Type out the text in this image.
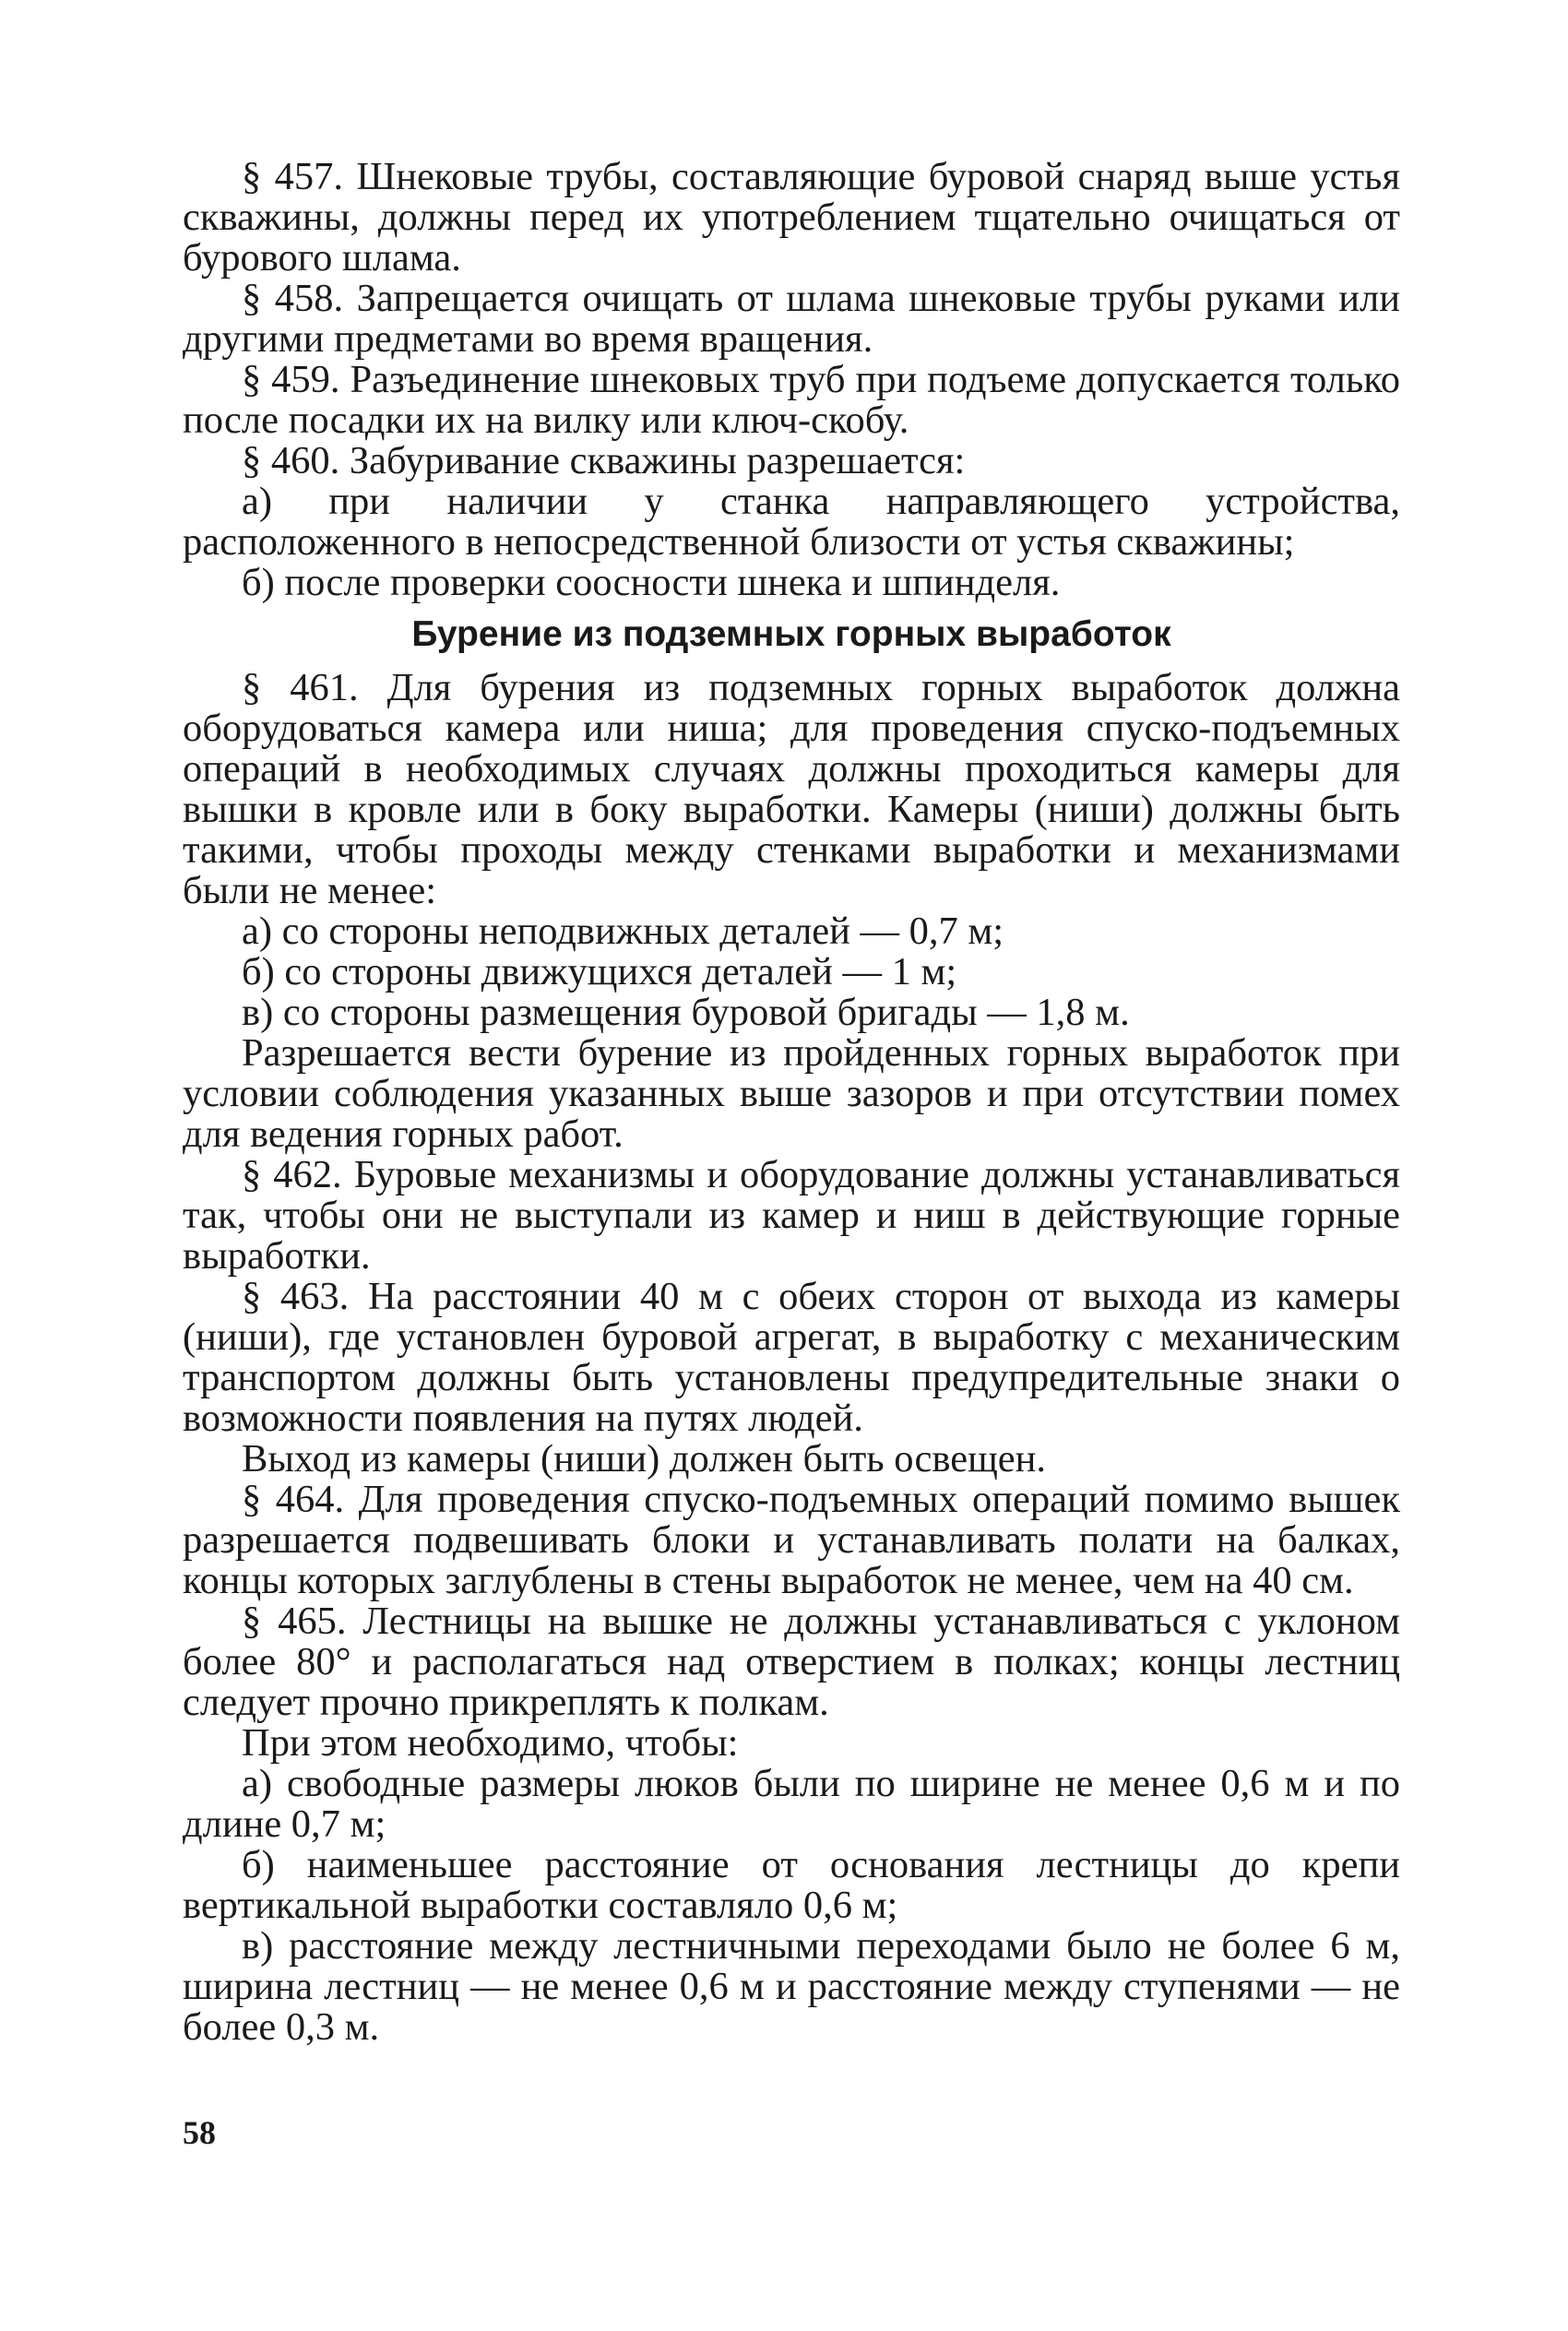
§ 457. Шнековые трубы, составляющие буровой снаряд выше устья скважины, должны перед их употреблением тщательно очищаться от бурового шлама.

§ 458. Запрещается очищать от шлама шнековые трубы руками или другими предметами во время вращения.

§ 459. Разъединение шнековых труб при подъеме допускается только после посадки их на вилку или ключ-скобу.

§ 460. Забуривание скважины разрешается:

а) при наличии у станка направляющего устройства, расположенного в непосредственной близости от устья скважины;

б) после проверки соосности шнека и шпинделя.

Бурение из подземных горных выработок

§ 461. Для бурения из подземных горных выработок должна оборудоваться камера или ниша; для проведения спуско-подъемных операций в необходимых случаях должны проходиться камеры для вышки в кровле или в боку выработки. Камеры (ниши) должны быть такими, чтобы проходы между стенками выработки и механизмами были не менее:

а) со стороны неподвижных деталей — 0,7 м;

б) со стороны движущихся деталей — 1 м;

в) со стороны размещения буровой бригады — 1,8 м.

Разрешается вести бурение из пройденных горных выработок при условии соблюдения указанных выше зазоров и при отсутствии помех для ведения горных работ.

§ 462. Буровые механизмы и оборудование должны устанавливаться так, чтобы они не выступали из камер и ниш в действующие горные выработки.

§ 463. На расстоянии 40 м с обеих сторон от выхода из камеры (ниши), где установлен буровой агрегат, в выработку с механическим транспортом должны быть установлены предупредительные знаки о возможности появления на путях людей.

Выход из камеры (ниши) должен быть освещен.

§ 464. Для проведения спуско-подъемных операций помимо вышек разрешается подвешивать блоки и устанавливать полати на балках, концы которых заглублены в стены выработок не менее, чем на 40 см.

§ 465. Лестницы на вышке не должны устанавливаться с уклоном более 80° и располагаться над отверстием в полках; концы лестниц следует прочно прикреплять к полкам.

При этом необходимо, чтобы:

а) свободные размеры люков были по ширине не менее 0,6 м и по длине 0,7 м;

б) наименьшее расстояние от основания лестницы до крепи вертикальной выработки составляло 0,6 м;

в) расстояние между лестничными переходами было не более 6 м, ширина лестниц — не менее 0,6 м и расстояние между ступенями — не более 0,3 м.

58
